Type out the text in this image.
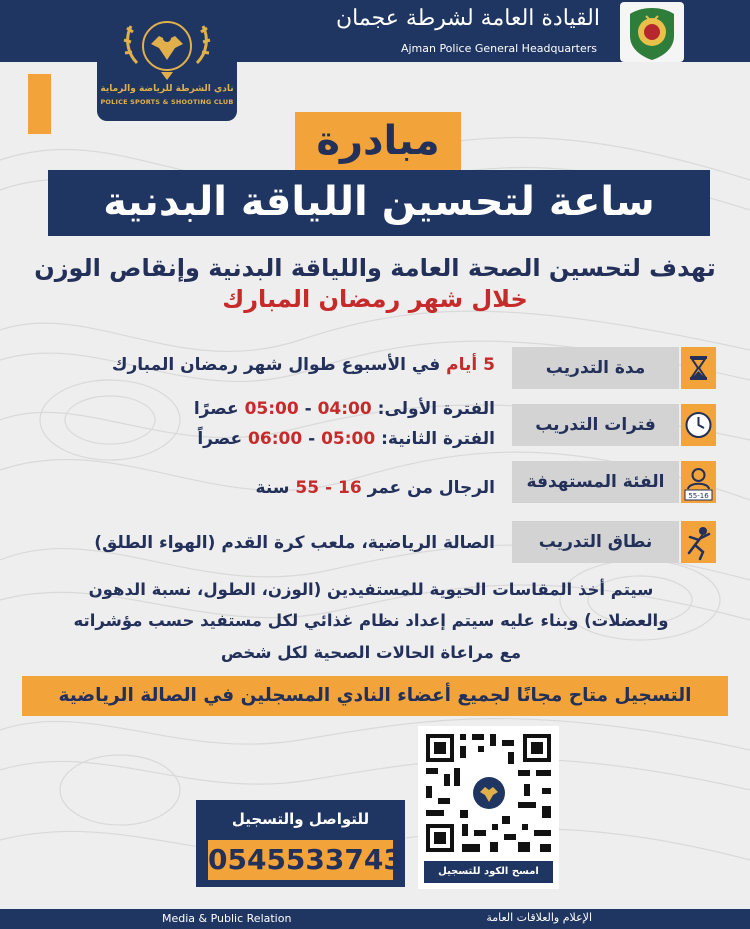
القيادة العامة لشرطة عجمان
Ajman Police General Headquarters
نادي الشرطة للرياضة والرماية
POLICE SPORTS & SHOOTING CLUB
مبادرة
ساعة لتحسين اللياقة البدنية
تهدف لتحسين الصحة العامة واللياقة البدنية وإنقاص الوزن
خلال شهر رمضان المبارك
مدة التدريب
5 أيام في الأسبوع طوال شهر رمضان المبارك
فترات التدريب
الفترة الأولى: 04:00 - 05:00 عصرًا
الفترة الثانية: 05:00 - 06:00 عصراً
55-16
الفئة المستهدفة
الرجال من عمر 16 - 55 سنة
نطاق التدريب
الصالة الرياضية، ملعب كرة القدم (الهواء الطلق)
سيتم أخذ المقاسات الحيوية للمستفيدين (الوزن، الطول، نسبة الدهون
والعضلات) وبناء عليه سيتم إعداد نظام غذائي لكل مستفيد حسب مؤشراته
مع مراعاة الحالات الصحية لكل شخص
التسجيل متاح مجانًا لجميع أعضاء النادي المسجلين في الصالة الرياضية
امسح الكود للتسجيل
للتواصل والتسجيل
0545533743
Media & Public Relation	الإعلام والعلاقات العامة
